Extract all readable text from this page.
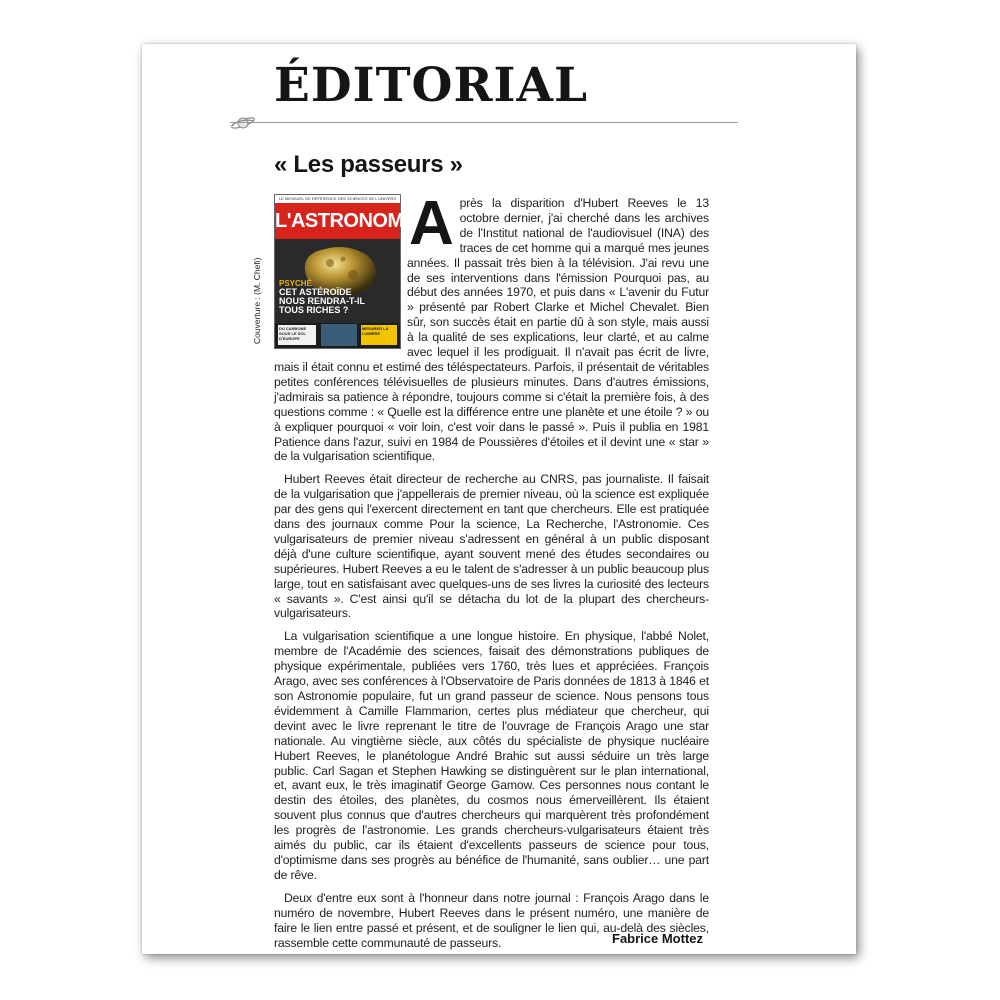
ÉDITORIAL
« Les passeurs »
LE MENSUEL DE RÉFÉRENCE DES SCIENCES DE L'UNIVERS
L'ASTRONOMIE
PSYCHÉ
CET ASTÉROÏDE NOUS RENDRA-T-IL TOUS RICHES ?
DU CARBONE SOUS LE SOL D'EUROPE
MESURER LA LUMIÈRE
Couverture : (M. Chefi)

Après la disparition d'Hubert Reeves le 13 octobre dernier, j'ai cherché dans les archives de l'Institut national de l'audiovisuel (INA) des traces de cet homme qui a marqué mes jeunes années. Il passait très bien à la télévision. J'ai revu une de ses interventions dans l'émission Pourquoi pas, au début des années 1970, et puis dans « L'avenir du Futur » présenté par Robert Clarke et Michel Chevalet. Bien sûr, son succès était en partie dû à son style, mais aussi à la qualité de ses explications, leur clarté, et au calme avec lequel il les prodiguait. Il n'avait pas écrit de livre, mais il était connu et estimé des téléspectateurs. Parfois, il présentait de véritables petites conférences télévisuelles de plusieurs minutes. Dans d'autres émissions, j'admirais sa patience à répondre, toujours comme si c'était la première fois, à des questions comme : « Quelle est la différence entre une planète et une étoile ? » ou à expliquer pourquoi « voir loin, c'est voir dans le passé ». Puis il publia en 1981 Patience dans l'azur, suivi en 1984 de Poussières d'étoiles et il devint une « star » de la vulgarisation scientifique.

Hubert Reeves était directeur de recherche au CNRS, pas journaliste. Il faisait de la vulgarisation que j'appellerais de premier niveau, où la science est expliquée par des gens qui l'exercent directement en tant que chercheurs. Elle est pratiquée dans des journaux comme Pour la science, La Recherche, l'Astronomie. Ces vulgarisateurs de premier niveau s'adressent en général à un public disposant déjà d'une culture scientifique, ayant souvent mené des études secondaires ou supérieures. Hubert Reeves a eu le talent de s'adresser à un public beaucoup plus large, tout en satisfaisant avec quelques-uns de ses livres la curiosité des lecteurs « savants ». C'est ainsi qu'il se détacha du lot de la plupart des chercheurs-vulgarisateurs.

La vulgarisation scientifique a une longue histoire. En physique, l'abbé Nolet, membre de l'Académie des sciences, faisait des démonstrations publiques de physique expérimentale, publiées vers 1760, très lues et appréciées. François Arago, avec ses conférences à l'Observatoire de Paris données de 1813 à 1846 et son Astronomie populaire, fut un grand passeur de science. Nous pensons tous évidemment à Camille Flammarion, certes plus médiateur que chercheur, qui devint avec le livre reprenant le titre de l'ouvrage de François Arago une star nationale. Au vingtième siècle, aux côtés du spécialiste de physique nucléaire Hubert Reeves, le planétologue André Brahic sut aussi séduire un très large public. Carl Sagan et Stephen Hawking se distinguèrent sur le plan international, et, avant eux, le très imaginatif George Gamow. Ces personnes nous contant le destin des étoiles, des planètes, du cosmos nous émerveillèrent. Ils étaient souvent plus connus que d'autres chercheurs qui marquèrent très profondément les progrès de l'astronomie. Les grands chercheurs-vulgarisateurs étaient très aimés du public, car ils étaient d'excellents passeurs de science pour tous, d'optimisme dans ses progrès au bénéfice de l'humanité, sans oublier… une part de rêve.

Deux d'entre eux sont à l'honneur dans notre journal : François Arago dans le numéro de novembre, Hubert Reeves dans le présent numéro, une manière de faire le lien entre passé et présent, et de souligner le lien qui, au-delà des siècles, rassemble cette communauté de passeurs.	Fabrice Mottez
